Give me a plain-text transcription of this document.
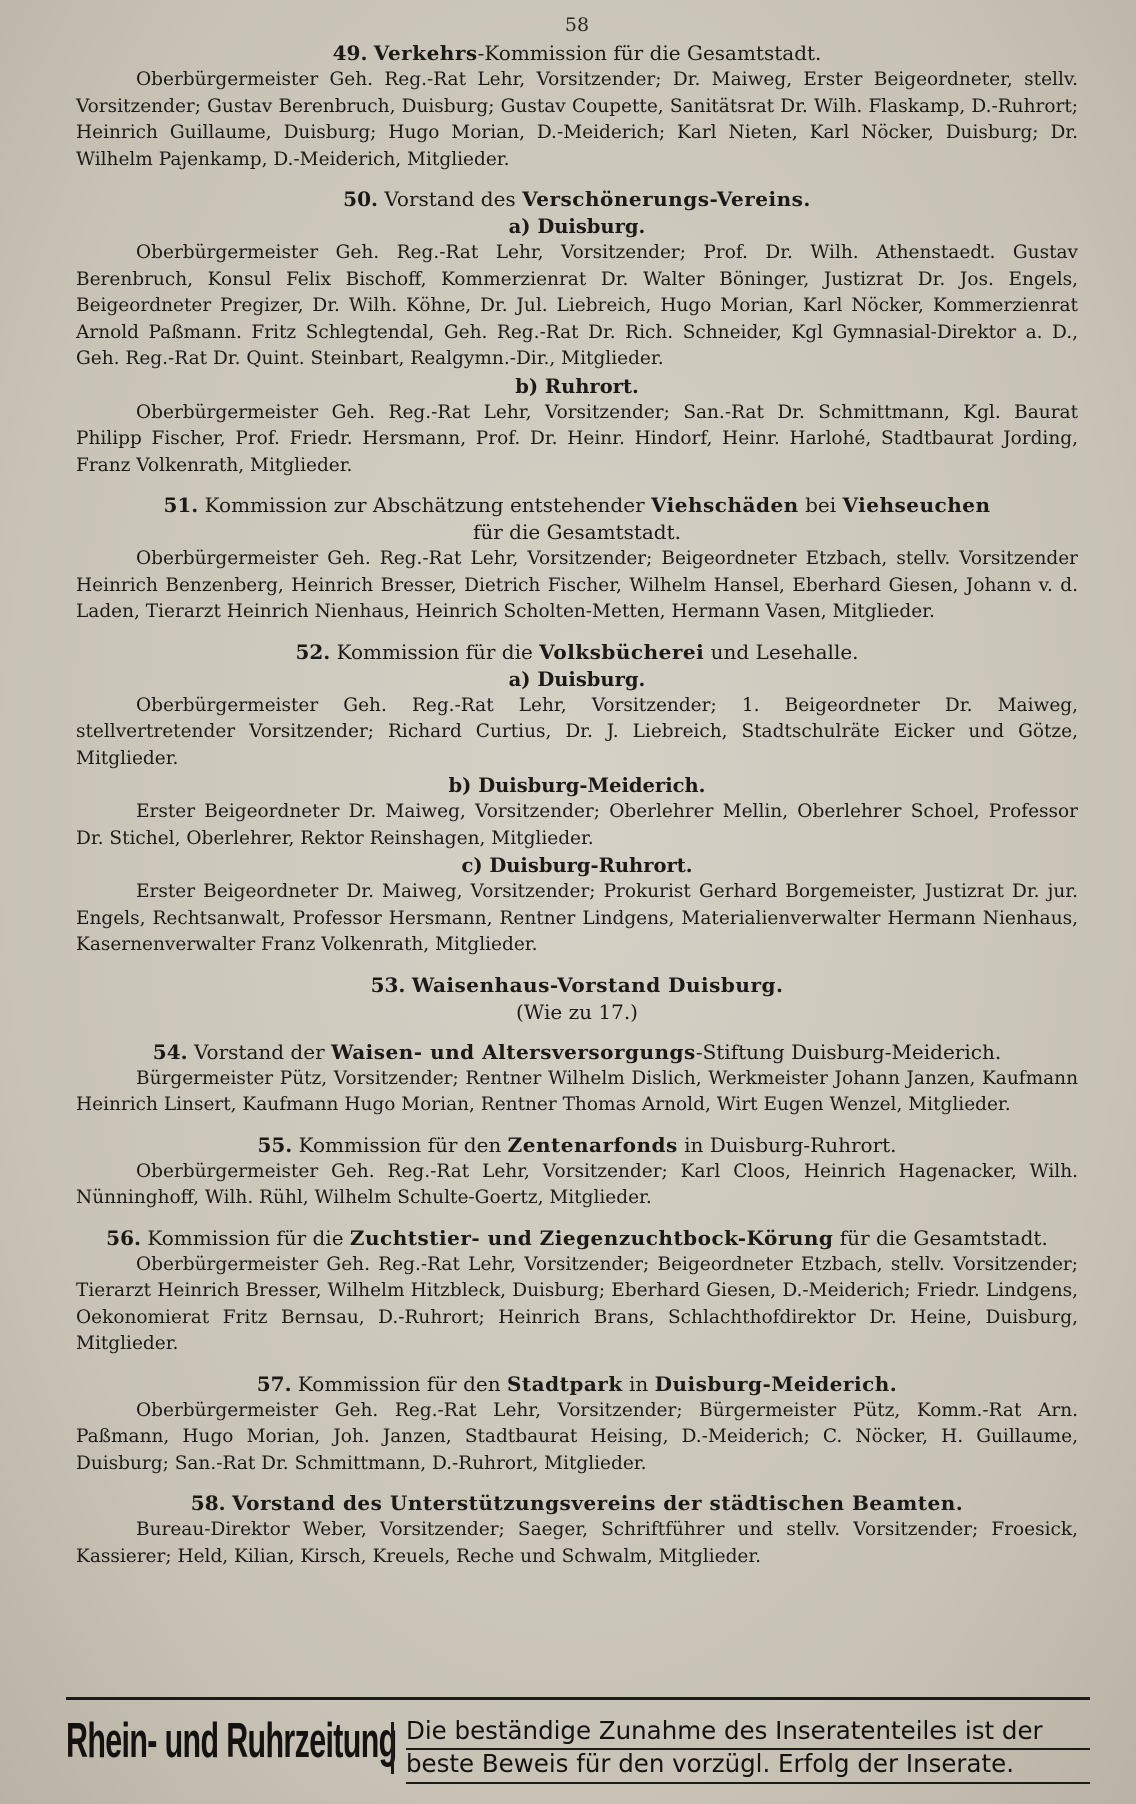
58

49. Verkehrs-Kommission für die Gesamtstadt.

Oberbürgermeister Geh. Reg.-Rat Lehr, Vorsitzender; Dr. Maiweg, Erster Beigeordneter, stellv. Vorsitzender; Gustav Berenbruch, Duisburg; Gustav Coupette, Sanitätsrat Dr. Wilh. Flaskamp, D.-Ruhrort; Heinrich Guillaume, Duisburg; Hugo Morian, D.-Meiderich; Karl Nieten, Karl Nöcker, Duisburg; Dr. Wilhelm Pajenkamp, D.-Meiderich, Mitglieder.

50. Vorstand des Verschönerungs-Vereins.

a) Duisburg.

Oberbürgermeister Geh. Reg.-Rat Lehr, Vorsitzender; Prof. Dr. Wilh. Athenstaedt. Gustav Berenbruch, Konsul Felix Bischoff, Kommerzienrat Dr. Walter Böninger, Justizrat Dr. Jos. Engels, Beigeordneter Pregizer, Dr. Wilh. Köhne, Dr. Jul. Liebreich, Hugo Morian, Karl Nöcker, Kommerzienrat Arnold Paßmann. Fritz Schlegtendal, Geh. Reg.-Rat Dr. Rich. Schneider, Kgl Gymnasial-Direktor a. D., Geh. Reg.-Rat Dr. Quint. Steinbart, Realgymn.-Dir., Mitglieder.

b) Ruhrort.

Oberbürgermeister Geh. Reg.-Rat Lehr, Vorsitzender; San.-Rat Dr. Schmittmann, Kgl. Baurat Philipp Fischer, Prof. Friedr. Hersmann, Prof. Dr. Heinr. Hindorf, Heinr. Harlohé, Stadtbaurat Jording, Franz Volkenrath, Mitglieder.

51. Kommission zur Abschätzung entstehender Viehschäden bei Viehseuchen

für die Gesamtstadt.

Oberbürgermeister Geh. Reg.-Rat Lehr, Vorsitzender; Beigeordneter Etzbach, stellv. Vorsitzender Heinrich Benzenberg, Heinrich Bresser, Dietrich Fischer, Wilhelm Hansel, Eberhard Giesen, Johann v. d. Laden, Tierarzt Heinrich Nienhaus, Heinrich Scholten-Metten, Hermann Vasen, Mitglieder.

52. Kommission für die Volksbücherei und Lesehalle.

a) Duisburg.

Oberbürgermeister Geh. Reg.-Rat Lehr, Vorsitzender; 1. Beigeordneter Dr. Maiweg, stellvertretender Vorsitzender; Richard Curtius, Dr. J. Liebreich, Stadtschulräte Eicker und Götze, Mitglieder.

b) Duisburg-Meiderich.

Erster Beigeordneter Dr. Maiweg, Vorsitzender; Oberlehrer Mellin, Oberlehrer Schoel, Professor Dr. Stichel, Oberlehrer, Rektor Reinshagen, Mitglieder.

c) Duisburg-Ruhrort.

Erster Beigeordneter Dr. Maiweg, Vorsitzender; Prokurist Gerhard Borgemeister, Justizrat Dr. jur. Engels, Rechtsanwalt, Professor Hersmann, Rentner Lindgens, Materialienverwalter Hermann Nienhaus, Kasernenverwalter Franz Volkenrath, Mitglieder.

53. Waisenhaus-Vorstand Duisburg.

(Wie zu 17.)

54. Vorstand der Waisen- und Altersversorgungs-Stiftung Duisburg-Meiderich.

Bürgermeister Pütz, Vorsitzender; Rentner Wilhelm Dislich, Werkmeister Johann Janzen, Kaufmann Heinrich Linsert, Kaufmann Hugo Morian, Rentner Thomas Arnold, Wirt Eugen Wenzel, Mitglieder.

55. Kommission für den Zentenarfonds in Duisburg-Ruhrort.

Oberbürgermeister Geh. Reg.-Rat Lehr, Vorsitzender; Karl Cloos, Heinrich Hagenacker, Wilh. Nünninghoff, Wilh. Rühl, Wilhelm Schulte-Goertz, Mitglieder.

56. Kommission für die Zuchtstier- und Ziegenzuchtbock-Körung für die Gesamtstadt.

Oberbürgermeister Geh. Reg.-Rat Lehr, Vorsitzender; Beigeordneter Etzbach, stellv. Vorsitzender; Tierarzt Heinrich Bresser, Wilhelm Hitzbleck, Duisburg; Eberhard Giesen, D.-Meiderich; Friedr. Lindgens, Oekonomierat Fritz Bernsau, D.-Ruhrort; Heinrich Brans, Schlachthofdirektor Dr. Heine, Duisburg, Mitglieder.

57. Kommission für den Stadtpark in Duisburg-Meiderich.

Oberbürgermeister Geh. Reg.-Rat Lehr, Vorsitzender; Bürgermeister Pütz, Komm.-Rat Arn. Paßmann, Hugo Morian, Joh. Janzen, Stadtbaurat Heising, D.-Meiderich; C. Nöcker, H. Guillaume, Duisburg; San.-Rat Dr. Schmittmann, D.-Ruhrort, Mitglieder.

58. Vorstand des Unterstützungsvereins der städtischen Beamten.

Bureau-Direktor Weber, Vorsitzender; Saeger, Schriftführer und stellv. Vorsitzender; Froesick, Kassierer; Held, Kilian, Kirsch, Kreuels, Reche und Schwalm, Mitglieder.

Rhein- und Ruhrzeitung Die beständige Zunahme des Inseratenteiles ist der
beste Beweis für den vorzügl. Erfolg der Inserate.
